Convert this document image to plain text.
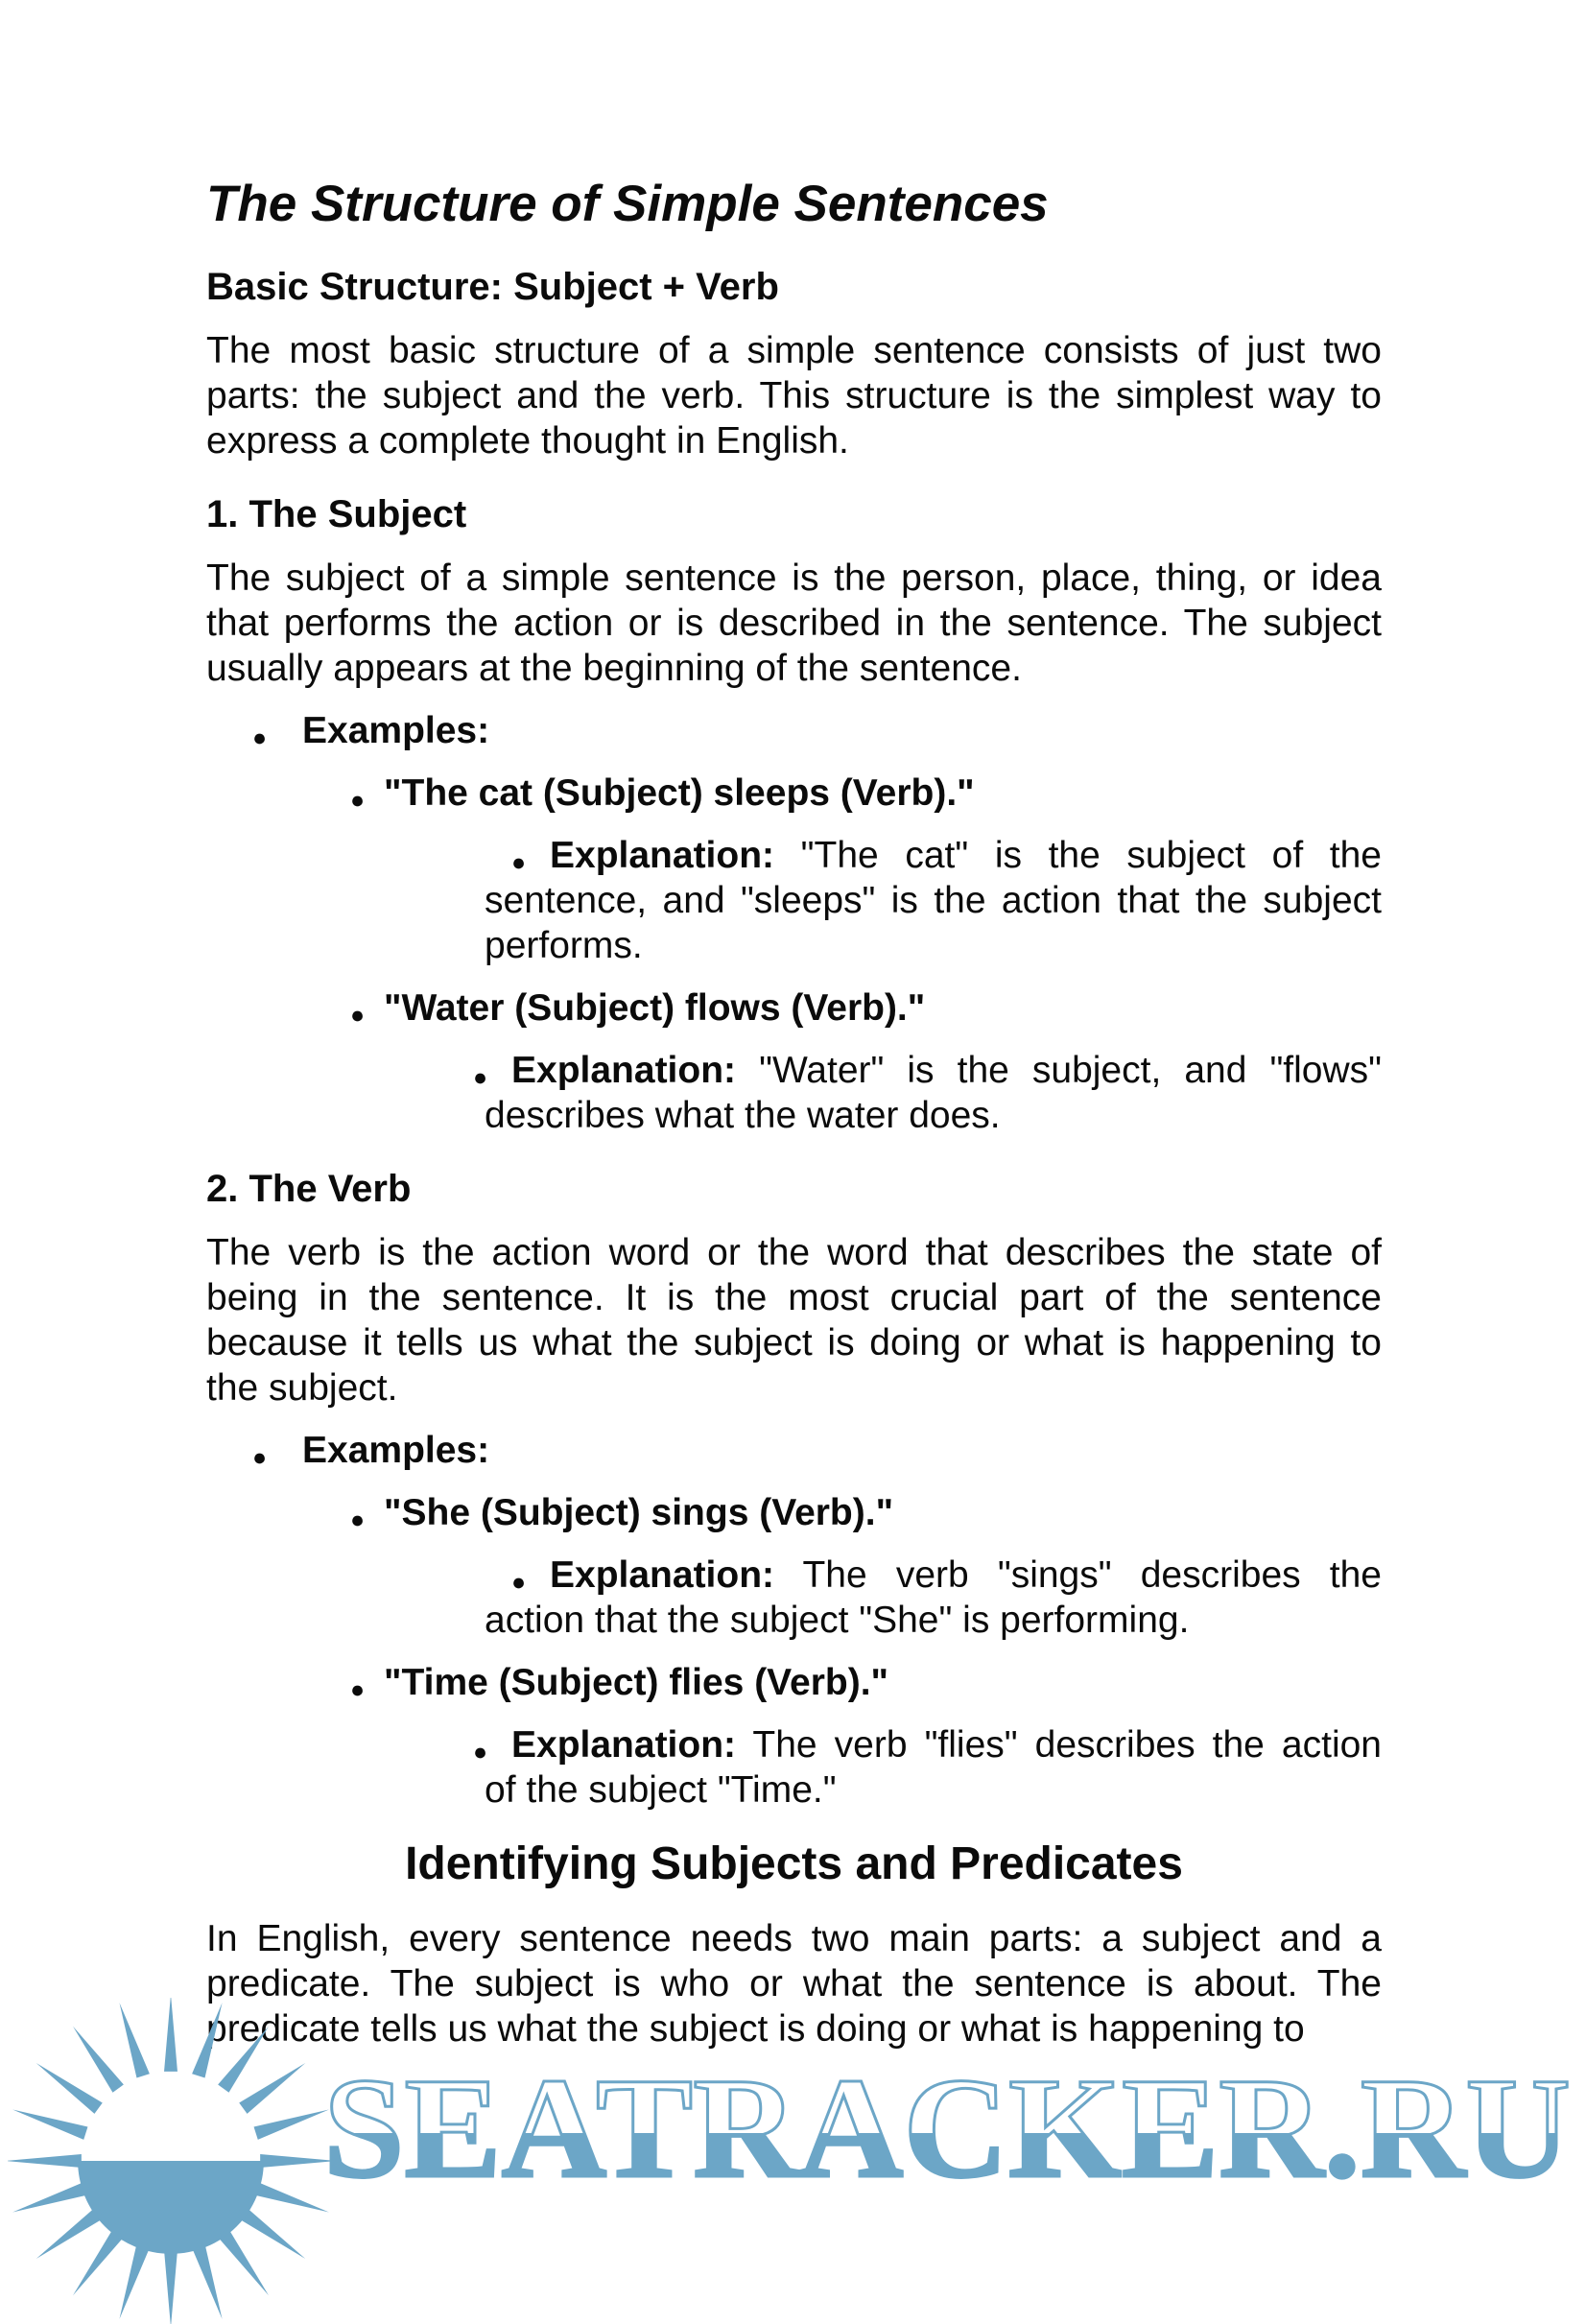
The Structure of Simple Sentences
Basic Structure: Subject + Verb
The most basic structure of a simple sentence consists of just two parts: the subject and the verb. This structure is the simplest way to express a complete thought in English.
1. The Subject
The subject of a simple sentence is the person, place, thing, or idea that performs the action or is described in the sentence. The subject usually appears at the beginning of the sentence.
● Examples:
● "The cat (Subject) sleeps (Verb)."
● Explanation: "The cat" is the subject of the sentence, and "sleeps" is the action that the subject performs.
● "Water (Subject) flows (Verb)."
● Explanation: "Water" is the subject, and "flows" describes what the water does.
2. The Verb
The verb is the action word or the word that describes the state of being in the sentence. It is the most crucial part of the sentence because it tells us what the subject is doing or what is happening to the subject.
● Examples:
● "She (Subject) sings (Verb)."
● Explanation: The verb "sings" describes the action that the subject "She" is performing.
● "Time (Subject) flies (Verb)."
● Explanation: The verb "flies" describes the action of the subject "Time."
Identifying Subjects and Predicates
In English, every sentence needs two main parts: a subject and a predicate. The subject is who or what the sentence is about. The predicate tells us what the subject is doing or what is happening to
SEATRACKER.RU
